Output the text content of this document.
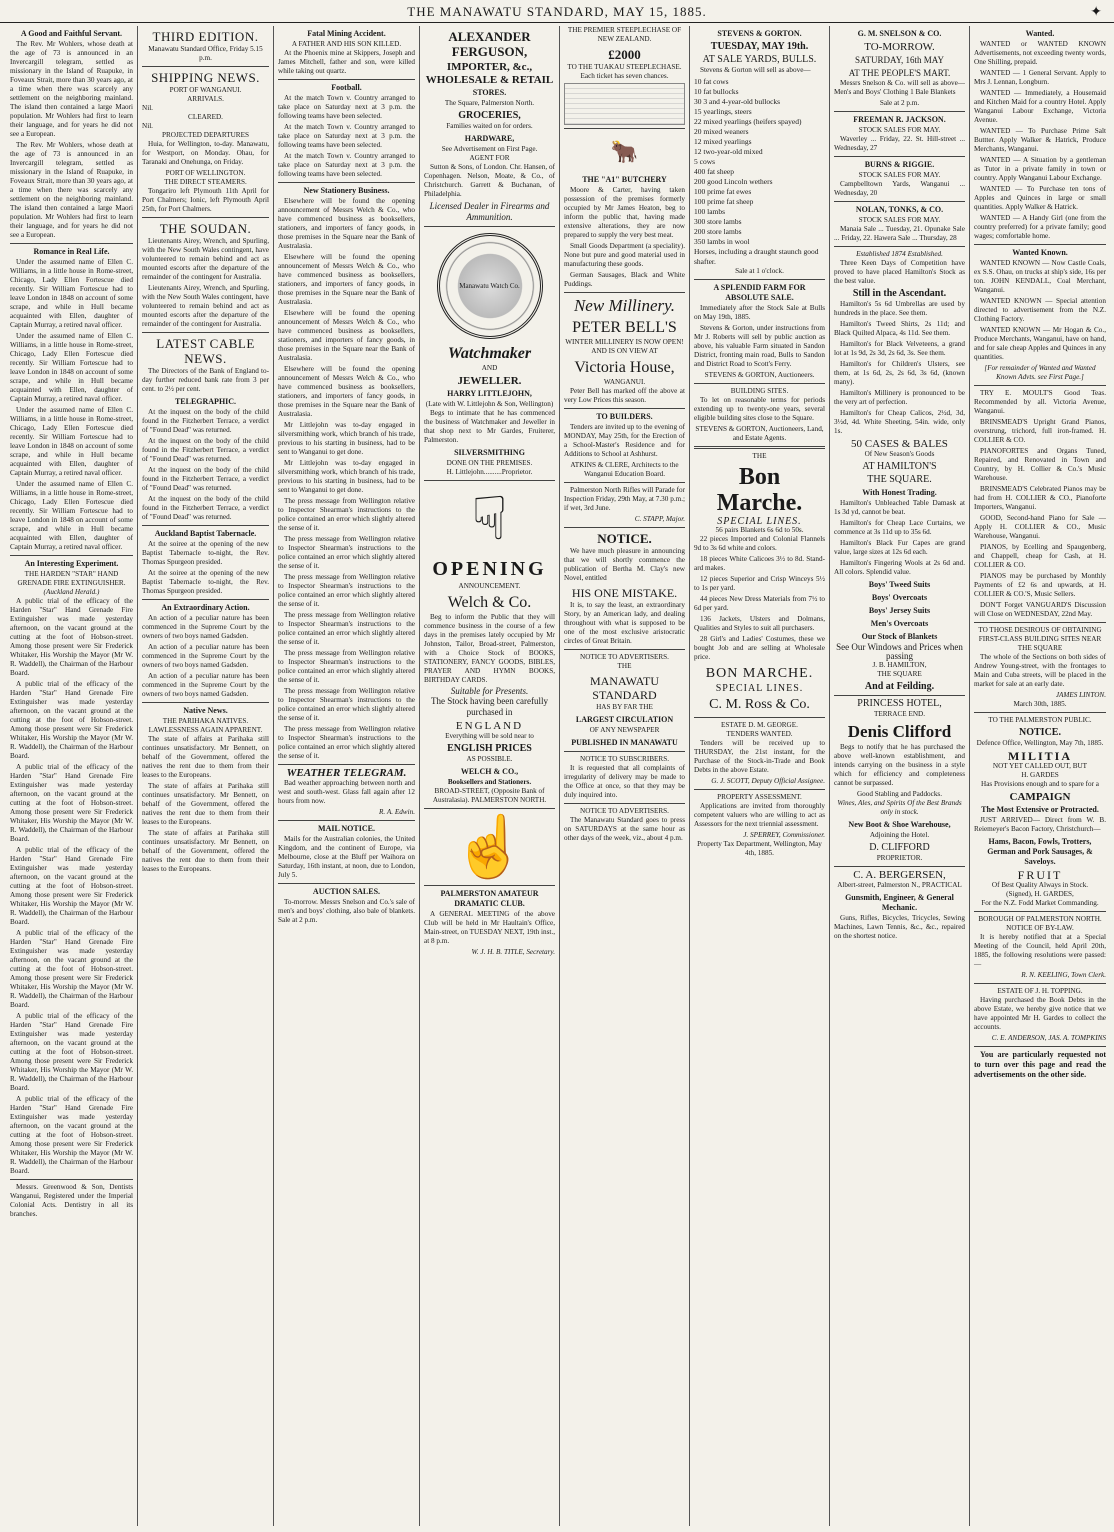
THE MANAWATU STANDARD, MAY 15, 1885.	✦
A Good and Faithful Servant.

The Rev. Mr Wohlers, whose death at the age of 73 is announced in an Invercargill telegram, settled as missionary in the Island of Ruapuke, in Foveaux Strait, more than 30 years ago, at a time when there was scarcely any settlement on the neighboring mainland. The island then contained a large Maori population. Mr Wohlers had first to learn their language, and for years he did not see a European.

The Rev. Mr Wohlers, whose death at the age of 73 is announced in an Invercargill telegram, settled as missionary in the Island of Ruapuke, in Foveaux Strait, more than 30 years ago, at a time when there was scarcely any settlement on the neighboring mainland. The island then contained a large Maori population. Mr Wohlers had first to learn their language, and for years he did not see a European.

Romance in Real Life.

Under the assumed name of Ellen C. Williams, in a little house in Rome-street, Chicago, Lady Ellen Fortescue died recently. Sir William Fortescue had to leave London in 1848 on account of some scrape, and while in Hull became acquainted with Ellen, daughter of Captain Murray, a retired naval officer.

Under the assumed name of Ellen C. Williams, in a little house in Rome-street, Chicago, Lady Ellen Fortescue died recently. Sir William Fortescue had to leave London in 1848 on account of some scrape, and while in Hull became acquainted with Ellen, daughter of Captain Murray, a retired naval officer.

Under the assumed name of Ellen C. Williams, in a little house in Rome-street, Chicago, Lady Ellen Fortescue died recently. Sir William Fortescue had to leave London in 1848 on account of some scrape, and while in Hull became acquainted with Ellen, daughter of Captain Murray, a retired naval officer.

Under the assumed name of Ellen C. Williams, in a little house in Rome-street, Chicago, Lady Ellen Fortescue died recently. Sir William Fortescue had to leave London in 1848 on account of some scrape, and while in Hull became acquainted with Ellen, daughter of Captain Murray, a retired naval officer.

An Interesting Experiment.
THE HARDEN "STAR" HAND GRENADE FIRE EXTINGUISHER.
(Auckland Herald.)

A public trial of the efficacy of the Harden "Star" Hand Grenade Fire Extinguisher was made yesterday afternoon, on the vacant ground at the cutting at the foot of Hobson-street. Among those present were Sir Frederick Whitaker, His Worship the Mayor (Mr W. R. Waddell), the Chairman of the Harbour Board.

A public trial of the efficacy of the Harden "Star" Hand Grenade Fire Extinguisher was made yesterday afternoon, on the vacant ground at the cutting at the foot of Hobson-street. Among those present were Sir Frederick Whitaker, His Worship the Mayor (Mr W. R. Waddell), the Chairman of the Harbour Board.

A public trial of the efficacy of the Harden "Star" Hand Grenade Fire Extinguisher was made yesterday afternoon, on the vacant ground at the cutting at the foot of Hobson-street. Among those present were Sir Frederick Whitaker, His Worship the Mayor (Mr W. R. Waddell), the Chairman of the Harbour Board.

A public trial of the efficacy of the Harden "Star" Hand Grenade Fire Extinguisher was made yesterday afternoon, on the vacant ground at the cutting at the foot of Hobson-street. Among those present were Sir Frederick Whitaker, His Worship the Mayor (Mr W. R. Waddell), the Chairman of the Harbour Board.

A public trial of the efficacy of the Harden "Star" Hand Grenade Fire Extinguisher was made yesterday afternoon, on the vacant ground at the cutting at the foot of Hobson-street. Among those present were Sir Frederick Whitaker, His Worship the Mayor (Mr W. R. Waddell), the Chairman of the Harbour Board.

A public trial of the efficacy of the Harden "Star" Hand Grenade Fire Extinguisher was made yesterday afternoon, on the vacant ground at the cutting at the foot of Hobson-street. Among those present were Sir Frederick Whitaker, His Worship the Mayor (Mr W. R. Waddell), the Chairman of the Harbour Board.

A public trial of the efficacy of the Harden "Star" Hand Grenade Fire Extinguisher was made yesterday afternoon, on the vacant ground at the cutting at the foot of Hobson-street. Among those present were Sir Frederick Whitaker, His Worship the Mayor (Mr W. R. Waddell), the Chairman of the Harbour Board.

Messrs. Greenwood & Son, Dentists Wanganui, Registered under the Imperial Colonial Acts. Dentistry in all its branches.

THIRD EDITION.
Manawatu Standard Office, Friday 5.15 p.m.
SHIPPING NEWS.
PORT OF WANGANUI.
ARRIVALS.
Nil.
CLEARED.
Nil.
PROJECTED DEPARTURES

Huia, for Wellington, to-day. Manawatu, for Westport, on Monday. Ohau, for Taranaki and Onehunga, on Friday.

PORT OF WELLINGTON.
THE DIRECT STEAMERS.

Tongariro left Plymouth 11th April for Port Chalmers; Ionic, left Plymouth April 25th, for Port Chalmers.

THE SOUDAN.

Lieutenants Airey, Wrench, and Spurling, with the New South Wales contingent, have volunteered to remain behind and act as mounted escorts after the departure of the remainder of the contingent for Australia.

Lieutenants Airey, Wrench, and Spurling, with the New South Wales contingent, have volunteered to remain behind and act as mounted escorts after the departure of the remainder of the contingent for Australia.

LATEST CABLE NEWS.

The Directors of the Bank of England to-day further reduced bank rate from 3 per cent. to 2½ per cent.

TELEGRAPHIC.

At the inquest on the body of the child found in the Fitzherbert Terrace, a verdict of "Found Dead" was returned.

At the inquest on the body of the child found in the Fitzherbert Terrace, a verdict of "Found Dead" was returned.

At the inquest on the body of the child found in the Fitzherbert Terrace, a verdict of "Found Dead" was returned.

At the inquest on the body of the child found in the Fitzherbert Terrace, a verdict of "Found Dead" was returned.

Auckland Baptist Tabernacle.

At the soiree at the opening of the new Baptist Tabernacle to-night, the Rev. Thomas Spurgeon presided.

At the soiree at the opening of the new Baptist Tabernacle to-night, the Rev. Thomas Spurgeon presided.

An Extraordinary Action.

An action of a peculiar nature has been commenced in the Supreme Court by the owners of two boys named Gadsden.

An action of a peculiar nature has been commenced in the Supreme Court by the owners of two boys named Gadsden.

An action of a peculiar nature has been commenced in the Supreme Court by the owners of two boys named Gadsden.

Native News.
THE PARIHAKA NATIVES.
LAWLESSNESS AGAIN APPARENT.

The state of affairs at Parihaka still continues unsatisfactory. Mr Bennett, on behalf of the Government, offered the natives the rent due to them from their leases to the Europeans.

The state of affairs at Parihaka still continues unsatisfactory. Mr Bennett, on behalf of the Government, offered the natives the rent due to them from their leases to the Europeans.

The state of affairs at Parihaka still continues unsatisfactory. Mr Bennett, on behalf of the Government, offered the natives the rent due to them from their leases to the Europeans.

Fatal Mining Accident.
A FATHER AND HIS SON KILLED.

At the Phoenix mine at Skippers, Joseph and James Mitchell, father and son, were killed while taking out quartz.

Football.

At the match Town v. Country arranged to take place on Saturday next at 3 p.m. the following teams have been selected.

At the match Town v. Country arranged to take place on Saturday next at 3 p.m. the following teams have been selected.

At the match Town v. Country arranged to take place on Saturday next at 3 p.m. the following teams have been selected.

New Stationery Business.

Elsewhere will be found the opening announcement of Messrs Welch & Co., who have commenced business as booksellers, stationers, and importers of fancy goods, in those premises in the Square near the Bank of Australasia.

Elsewhere will be found the opening announcement of Messrs Welch & Co., who have commenced business as booksellers, stationers, and importers of fancy goods, in those premises in the Square near the Bank of Australasia.

Elsewhere will be found the opening announcement of Messrs Welch & Co., who have commenced business as booksellers, stationers, and importers of fancy goods, in those premises in the Square near the Bank of Australasia.

Elsewhere will be found the opening announcement of Messrs Welch & Co., who have commenced business as booksellers, stationers, and importers of fancy goods, in those premises in the Square near the Bank of Australasia.

Mr Littlejohn was to-day engaged in silversmithing work, which branch of his trade, previous to his starting in business, had to be sent to Wanganui to get done.

Mr Littlejohn was to-day engaged in silversmithing work, which branch of his trade, previous to his starting in business, had to be sent to Wanganui to get done.

The press message from Wellington relative to Inspector Shearman's instructions to the police contained an error which slightly altered the sense of it.

The press message from Wellington relative to Inspector Shearman's instructions to the police contained an error which slightly altered the sense of it.

The press message from Wellington relative to Inspector Shearman's instructions to the police contained an error which slightly altered the sense of it.

The press message from Wellington relative to Inspector Shearman's instructions to the police contained an error which slightly altered the sense of it.

The press message from Wellington relative to Inspector Shearman's instructions to the police contained an error which slightly altered the sense of it.

The press message from Wellington relative to Inspector Shearman's instructions to the police contained an error which slightly altered the sense of it.

The press message from Wellington relative to Inspector Shearman's instructions to the police contained an error which slightly altered the sense of it.

WEATHER TELEGRAM.

Bad weather approaching between north and west and south-west. Glass fall again after 12 hours from now.

R. A. Edwin.
MAIL NOTICE.

Mails for the Australian colonies, the United Kingdom, and the continent of Europe, via Melbourne, close at the Bluff per Waihora on Saturday, 16th instant, at noon, due to London, July 5.

AUCTION SALES.

To-morrow. Messrs Snelson and Co.'s sale of men's and boys' clothing, also bale of blankets. Sale at 2 p.m.

ALEXANDER FERGUSON,
IMPORTER, &c.,
WHOLESALE & RETAIL
STORES.
The Square, Palmerston North.
GROCERIES,
Families waited on for orders.
HARDWARE,
See Advertisement on First Page.
AGENT FOR

Sutton & Sons, of London. Chr. Hansen, of Copenhagen. Nelson, Moate, & Co., of Christchurch. Garrett & Buchanan, of Philadelphia.

Licensed Dealer in Firearms and Ammunition.
Manawatu Watch Co.
Watchmaker
AND
JEWELLER.
HARRY LITTLEJOHN,
(Late with W. Littlejohn & Son, Wellington)

Begs to intimate that he has commenced the business of Watchmaker and Jeweller in that shop next to Mr Gardes, Fruiterer, Palmerston.

SILVERSMITHING
DONE ON THE PREMISES.
H. Littlejohn..........Proprietor.
☟
OPENING
ANNOUNCEMENT.
Welch & Co.

Beg to inform the Public that they will commence business in the course of a few days in the premises lately occupied by Mr Johnston, Tailor, Broad-street, Palmerston, with a Choice Stock of BOOKS, STATIONERY, FANCY GOODS, BIBLES, PRAYER AND HYMN BOOKS, BIRTHDAY CARDS.

Suitable for Presents.
The Stock having been carefully purchased in
ENGLAND
Everything will be sold near to
ENGLISH PRICES
AS POSSIBLE.
WELCH & CO.,
Booksellers and Stationers.
BROAD-STREET, (Opposite Bank of Australasia). PALMERSTON NORTH.
☝
PALMERSTON AMATEUR DRAMATIC CLUB.

A GENERAL MEETING of the above Club will be held in Mr Haultain's Office, Main-street, on TUESDAY NEXT, 19th inst., at 8 p.m.

W. J. H. B. TITLE, Secretary.
THE PREMIER STEEPLECHASE OF NEW ZEALAND.
£2000
TO THE TUAKAU STEEPLECHASE.
Each ticket has seven chances.
🐂
THE "A1" BUTCHERY

Moore & Carter, having taken possession of the premises formerly occupied by Mr James Heaton, beg to inform the public that, having made extensive alterations, they are now prepared to supply the very best meat.

Small Goods Department (a speciality). None but pure and good material used in manufacturing these goods.

German Sausages, Black and White Puddings.

New Millinery.
PETER BELL'S
WINTER MILLINERY IS NOW OPEN!
AND IS ON VIEW AT
Victoria House,
WANGANUI.

Peter Bell has marked off the above at very Low Prices this season.

TO BUILDERS.

Tenders are invited up to the evening of MONDAY, May 25th, for the Erection of a School-Master's Residence and for Additions to School at Ashhurst.

ATKINS & CLERE, Architects to the Wanganui Education Board.

Palmerston North Rifles will Parade for Inspection Friday, 29th May, at 7.30 p.m.; if wet, 3rd June.

C. STAPP, Major.
NOTICE.

We have much pleasure in announcing that we will shortly commence the publication of Bertha M. Clay's new Novel, entitled

HIS ONE MISTAKE.

It is, to say the least, an extraordinary Story, by an American lady, and dealing throughout with what is supposed to be one of the most exclusive aristocratic circles of Great Britain.

NOTICE TO ADVERTISERS.
THE
MANAWATU STANDARD
HAS BY FAR THE
LARGEST CIRCULATION
OF ANY NEWSPAPER
PUBLISHED IN MANAWATU
NOTICE TO SUBSCRIBERS.

It is requested that all complaints of irregularity of delivery may be made to the Office at once, so that they may be duly inquired into.

NOTICE TO ADVERTISERS.

The Manawatu Standard goes to press on SATURDAYS at the same hour as other days of the week, viz., about 4 p.m.

STEVENS & GORTON.
TUESDAY, MAY 19th.
AT SALE YARDS, BULLS.

Stevens & Gorton will sell as above—

10 fat cows
10 fat bullocks
30 3 and 4-year-old bullocks
15 yearlings, steers
22 mixed yearlings (heifers spayed)
20 mixed weaners
12 mixed yearlings
12 two-year-old mixed
5 cows
400 fat sheep
200 good Lincoln wethers
100 prime fat ewes
100 prime fat sheep
100 lambs
300 store lambs
200 store lambs
350 lambs in wool
Horses, including a draught staunch good shafter.
Sale at 1 o'clock.
A SPLENDID FARM FOR ABSOLUTE SALE.

Immediately after the Stock Sale at Bulls on May 19th, 1885.

Stevens & Gorton, under instructions from Mr J. Roberts will sell by public auction as above, his valuable Farm situated in Sandon District, fronting main road, Bulls to Sandon and District Road to Scott's Ferry.

STEVENS & GORTON, Auctioneers.
BUILDING SITES.

To let on reasonable terms for periods extending up to twenty-one years, several eligible building sites close to the Square.

STEVENS & GORTON, Auctioneers, Land, and Estate Agents.
THE
Bon Marche.
SPECIAL LINES.
56 pairs Blankets 6s 6d to 50s.

22 pieces Imported and Colonial Flannels 9d to 3s 6d white and colors.

18 pieces White Calicoes 3½ to 8d. Stand-ard makes.

12 pieces Superior and Crisp Winceys 5½ to 1s per yard.

44 pieces New Dress Materials from 7½ to 6d per yard.

136 Jackets, Ulsters and Dolmans, Qualities and Styles to suit all purchasers.

28 Girl's and Ladies' Costumes, these we bought Job and are selling at Wholesale price.

BON MARCHE.
SPECIAL LINES.
C. M. Ross & Co.
ESTATE D. M. GEORGE.
TENDERS WANTED.

Tenders will be received up to THURSDAY, the 21st instant, for the Purchase of the Stock-in-Trade and Book Debts in the above Estate.

G. J. SCOTT, Deputy Official Assignee.
PROPERTY ASSESSMENT.

Applications are invited from thoroughly competent valuers who are willing to act as Assessors for the next triennial assessment.

J. SPERREY, Commissioner.
Property Tax Department, Wellington, May 4th, 1885.
G. M. SNELSON & CO.
TO-MORROW.
SATURDAY, 16th MAY
AT THE PEOPLE'S MART.

Messrs Snelson & Co. will sell as above— Men's and Boys' Clothing 1 Bale Blankets

Sale at 2 p.m.
FREEMAN R. JACKSON.
STOCK SALES FOR MAY.

Waverley ... Friday, 22. St. Hill-street ... Wednesday, 27

BURNS & RIGGIE.
STOCK SALES FOR MAY.

Campbelltown Yards, Wanganui ... Wednesday, 20

NOLAN, TONKS, & CO.
STOCK SALES FOR MAY.

Manaia Sale ... Tuesday, 21. Opunake Sale ... Friday, 22. Hawera Sale ... Thursday, 28

Established 1874 Established.

Three Keen Days of Competition have proved to have placed Hamilton's Stock as the best value.

Still in the Ascendant.

Hamilton's 5s 6d Umbrellas are used by hundreds in the place. See them.

Hamilton's Tweed Shirts, 2s 11d; and Black Quilted Alpaca, 4s 11d. See them.

Hamilton's for Black Velveteens, a grand lot at 1s 9d, 2s 3d, 2s 6d, 3s. See them.

Hamilton's for Children's Ulsters, see them, at 1s 6d, 2s, 2s 6d, 3s 6d, (known many).

Hamilton's Millinery is pronounced to be the very art of perfection.

Hamilton's for Cheap Calicos, 2½d, 3d, 3½d, 4d. White Sheeting, 54in. wide, only 1s.

50 CASES & BALES
Of New Season's Goods
AT HAMILTON'S
THE SQUARE.
With Honest Trading.

Hamilton's Unbleached Table Damask at 1s 3d yd, cannot be beat.

Hamilton's for Cheap Lace Curtains, we commence at 3s 11d up to 35s 6d.

Hamilton's Black Fur Capes are grand value, large sizes at 12s 6d each.

Hamilton's Fingering Wools at 2s 6d and. All colors. Splendid value.

Boys' Tweed Suits
Boys' Overcoats
Boys' Jersey Suits
Men's Overcoats
Our Stock of Blankets
See Our Windows and Prices when passing
J. B. HAMILTON,
THE SQUARE
And at Feilding.
PRINCESS HOTEL,
TERRACE END.
Denis Clifford

Begs to notify that he has purchased the above well-known establishment, and intends carrying on the business in a style which for efficiency and completeness cannot be surpassed.

Good Stabling and Paddocks.
Wines, Ales, and Spirits Of the Best Brands only in stock.
New Boot & Shoe Warehouse,
Adjoining the Hotel.
D. CLIFFORD
PROPRIETOR.
C. A. BERGERSEN,
Albert-street, Palmerston N., PRACTICAL
Gunsmith, Engineer, & General Mechanic.

Guns, Rifles, Bicycles, Tricycles, Sewing Machines, Lawn Tennis, &c., &c., repaired on the shortest notice.

Wanted.

WANTED or WANTED KNOWN Advertisements, not exceeding twenty words, One Shilling, prepaid.

WANTED — 1 General Servant. Apply to Mrs J. Lennan, Longburn.

WANTED — Immediately, a Housemaid and Kitchen Maid for a country Hotel. Apply Wanganui Labour Exchange, Victoria Avenue.

WANTED — To Purchase Prime Salt Buttter. Apply Walker & Hatrick, Produce Merchants, Wanganui.

WANTED — A Situation by a gentleman as Tutor in a private family in town or country. Apply Wanganui Labour Exchange.

WANTED — To Purchase ten tons of Apples and Quinces in large or small quantities. Apply Walker & Hatrick.

WANTED — A Handy Girl (one from the country preferred) for a private family; good wages; comfortable home.

Wanted Known.

WANTED KNOWN — Now Castle Coals, ex S.S. Ohau, on trucks at ship's side, 16s per ton. JOHN KENDALL, Coal Merchant, Wanganui.

WANTED KNOWN — Special attention directed to advertisement from the N.Z. Clothing Factory.

WANTED KNOWN — Mr Hogan & Co., Produce Merchants, Wanganui, have on hand, and for sale cheap Apples and Quinces in any quantities.

[For remainder of Wanted and Wanted Known Advts. see First Page.]

TRY E. MOULT'S Good Teas. Recommended by all. Victoria Avenue, Wanganui.

BRINSMEAD'S Upright Grand Pianos, overstrung, trichord, full iron-framed. H. COLLIER & CO.

PIANOFORTES and Organs Tuned, Repaired, and Renovated in Town and Country, by H. Collier & Co.'s Music Warehouse.

BRINSMEAD'S Celebrated Pianos may be had from H. COLLIER & CO., Pianoforte Importers, Wanganui.

GOOD, Second-hand Piano for Sale — Apply H. COLLIER & CO., Music Warehouse, Wanganui.

PIANOS, by Ecelling and Spaugenberg, and Chappell, cheap for Cash, at H. COLLIER & CO.

PIANOS may be purchased by Monthly Payments of £2 6s and upwards, at H. COLLIER & CO.'S, Music Sellers.

DON'T Forget VANGUARD'S Discussion will Close on WEDNESDAY, 22nd May.

TO THOSE DESIROUS OF OBTAINING FIRST-CLASS BUILDING SITES NEAR THE SQUARE

The whole of the Sections on both sides of Andrew Young-street, with the frontages to Main and Cuba streets, will be placed in the market for sale at an early date.

JAMES LINTON.
March 30th, 1885.
TO THE PALMERSTON PUBLIC.
NOTICE.
Defence Office, Wellington, May 7th, 1885.
MILITIA
NOT YET CALLED OUT, BUT
H. GARDES
Has Provisions enough and to spare for a
CAMPAIGN
The Most Extensive or Protracted.

JUST ARRIVED— Direct from W. B. Reiemeyer's Bacon Factory, Christchurch—

Hams, Bacon, Fowls, Trotters, German and Pork Sausages, & Saveloys.
FRUIT
Of Best Quality Always in Stock.
(Signed), H. GARDES,
For the N.Z. Fodd Market Commanding.
BOROUGH OF PALMERSTON NORTH.
NOTICE OF BY-LAW.

It is hereby notified that at a Special Meeting of the Council, held April 20th, 1885, the following resolutions were passed:—

R. N. KEELING, Town Clerk.
ESTATE OF J. H. TOPPING.

Having purchased the Book Debts in the above Estate, we hereby give notice that we have appointed Mr H. Gardes to collect the accounts.

C. E. ANDERSON, JAS. A. TOMPKINS

You are particularly requested not to turn over this page and read the advertisements on the other side.
